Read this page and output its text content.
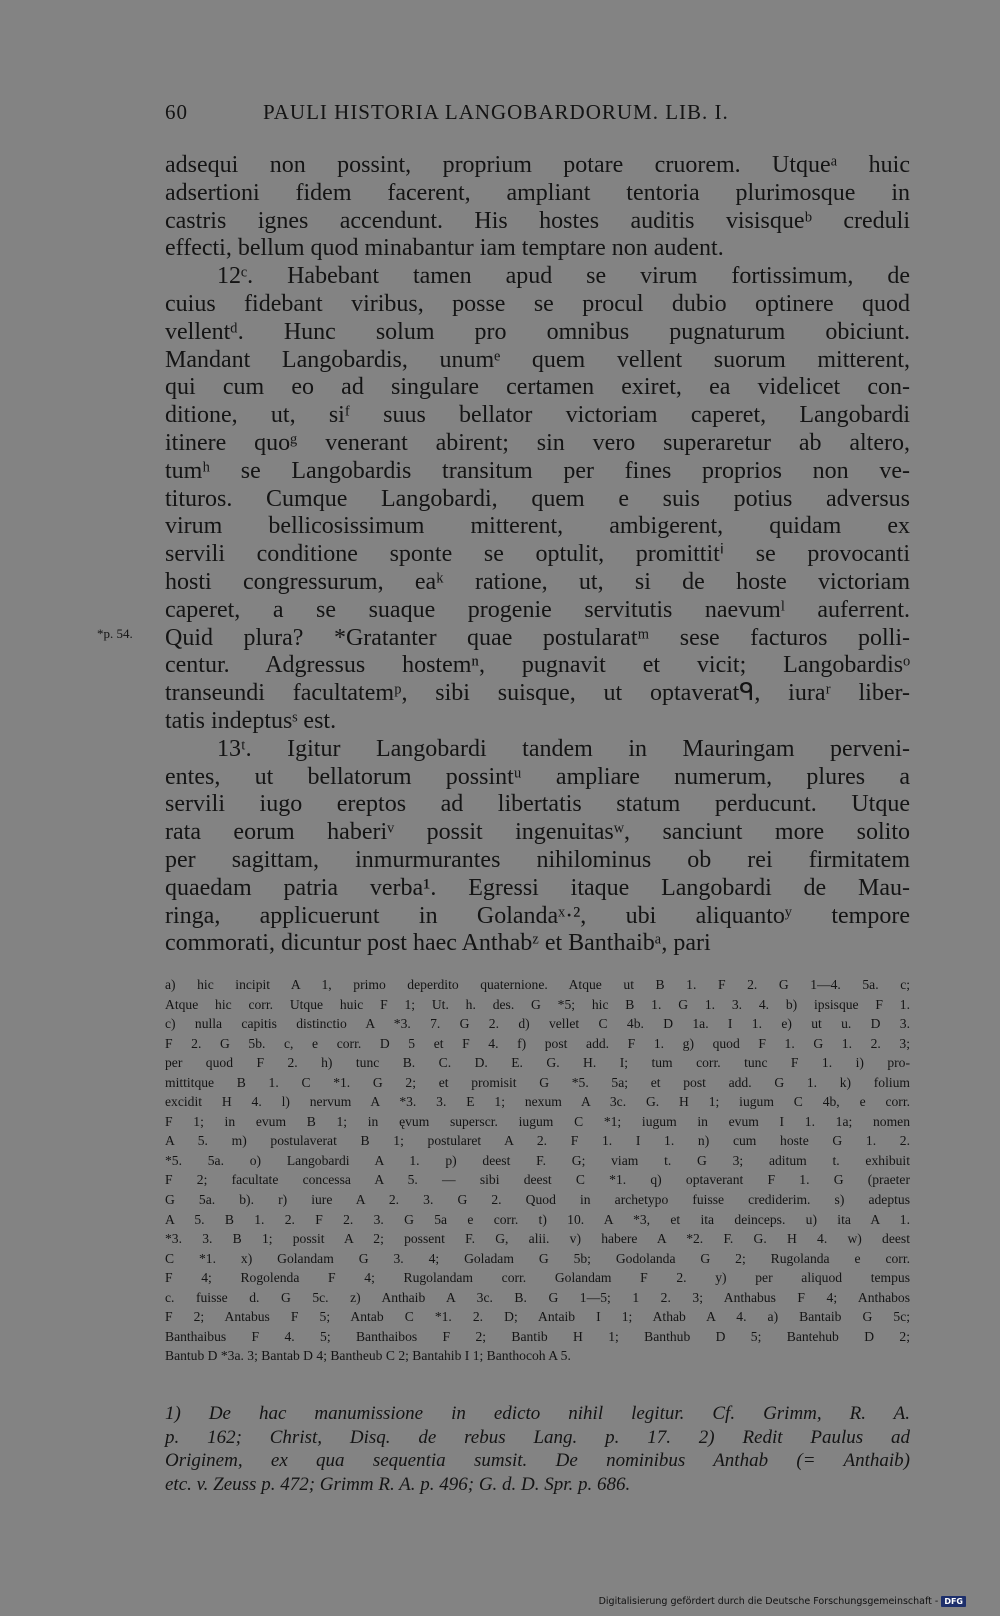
60	PAULI HISTORIA LANGOBARDORUM. LIB. I.
*p. 54.
adsequi non possint, proprium potare cruorem. Utqueᵃ huic
adsertioni fidem facerent, ampliant tentoria plurimosque in
castris ignes accendunt. His hostes auditis visisqueᵇ creduli
effecti, bellum quod minabantur iam temptare non audent.
12ᶜ. Habebant tamen apud se virum fortissimum, de
cuius fidebant viribus, posse se procul dubio optinere quod
vellentᵈ. Hunc solum pro omnibus pugnaturum obiciunt.
Mandant Langobardis, unumᵉ quem vellent suorum mitterent,
qui cum eo ad singulare certamen exiret, ea videlicet con-
ditione, ut, siᶠ suus bellator victoriam caperet, Langobardi
itinere quoᵍ venerant abirent; sin vero superaretur ab altero,
tumʰ se Langobardis transitum per fines proprios non ve-
tituros. Cumque Langobardi, quem e suis potius adversus
virum bellicosissimum mitterent, ambigerent, quidam ex
servili conditione sponte se optulit, promittitⁱ se provocanti
hosti congressurum, eaᵏ ratione, ut, si de hoste victoriam
caperet, a se suaque progenie servitutis naevumˡ auferrent.
Quid plura? *Gratanter quae postularatᵐ sese facturos polli-
centur. Adgressus hostemⁿ, pugnavit et vicit; Langobardisᵒ
transeundi facultatemᵖ, sibi suisque, ut optaveratᑫ, iuraʳ liber-
tatis indeptusˢ est.
13ᵗ. Igitur Langobardi tandem in Mauringam perveni-
entes, ut bellatorum possintᵘ ampliare numerum, plures a
servili iugo ereptos ad libertatis statum perducunt. Utque
rata eorum haberiᵛ possit ingenuitasʷ, sanciunt more solito
per sagittam, inmurmurantes nihilominus ob rei firmitatem
quaedam patria verba¹. Egressi itaque Langobardi de Mau-
ringa, applicuerunt in Golandaˣ·², ubi aliquantoʸ tempore
commorati, dicuntur post haec Anthabᶻ et Banthaibᵃ, pari
a) hic incipit A 1, primo deperdito quaternione. Atque ut B 1. F 2. G 1—4. 5a. c;
Atque hic corr. Utque huic F 1; Ut. h. des. G *5; hic B 1. G 1. 3. 4. b) ipsisque F 1.
c) nulla capitis distinctio A *3. 7. G 2. d) vellet C 4b. D 1a. I 1. e) ut u. D 3.
F 2. G 5b. c, e corr. D 5 et F 4. f) post add. F 1. g) quod F 1. G 1. 2. 3;
per quod F 2. h) tunc B. C. D. E. G. H. I; tum corr. tunc F 1. i) pro-
mittitque B 1. C *1. G 2; et promisit G *5. 5a; et post add. G 1. k) folium
excidit H 4. l) nervum A *3. 3. E 1; nexum A 3c. G. H 1; iugum C 4b, e corr.
F 1; in evum B 1; in ęvum superscr. iugum C *1; iugum in evum I 1. 1a; nomen
A 5. m) postulaverat B 1; postularet A 2. F 1. I 1. n) cum hoste G 1. 2.
*5. 5a. o) Langobardi A 1. p) deest F. G; viam t. G 3; aditum t. exhibuit
F 2; facultate concessa A 5. — sibi deest C *1. q) optaverant F 1. G (praeter
G 5a. b). r) iure A 2. 3. G 2. Quod in archetypo fuisse crediderim. s) adeptus
A 5. B 1. 2. F 2. 3. G 5a e corr. t) 10. A *3, et ita deinceps. u) ita A 1.
*3. 3. B 1; possit A 2; possent F. G, alii. v) habere A *2. F. G. H 4. w) deest
C *1. x) Golandam G 3. 4; Goladam G 5b; Godolanda G 2; Rugolanda e corr.
F 4; Rogolenda F 4; Rugolandam corr. Golandam F 2. y) per aliquod tempus
c. fuisse d. G 5c. z) Anthaib A 3c. B. G 1—5; 1 2. 3; Anthabus F 4; Anthabos
F 2; Antabus F 5; Antab C *1. 2. D; Antaib I 1; Athab A 4. a) Bantaib G 5c;
Banthaibus F 4. 5; Banthaibos F 2; Bantib H 1; Banthub D 5; Bantehub D 2;
Bantub D *3a. 3; Bantab D 4; Bantheub C 2; Bantahib I 1; Banthocoh A 5.
1) De hac manumissione in edicto nihil legitur. Cf. Grimm, R. A.
p. 162; Christ, Disq. de rebus Lang. p. 17. 2) Redit Paulus ad
Originem, ex qua sequentia sumsit. De nominibus Anthab (= Anthaib)
etc. v. Zeuss p. 472; Grimm R. A. p. 496; G. d. D. Spr. p. 686.
Digitalisierung gefördert durch die Deutsche Forschungsgemeinschaft - DFG
